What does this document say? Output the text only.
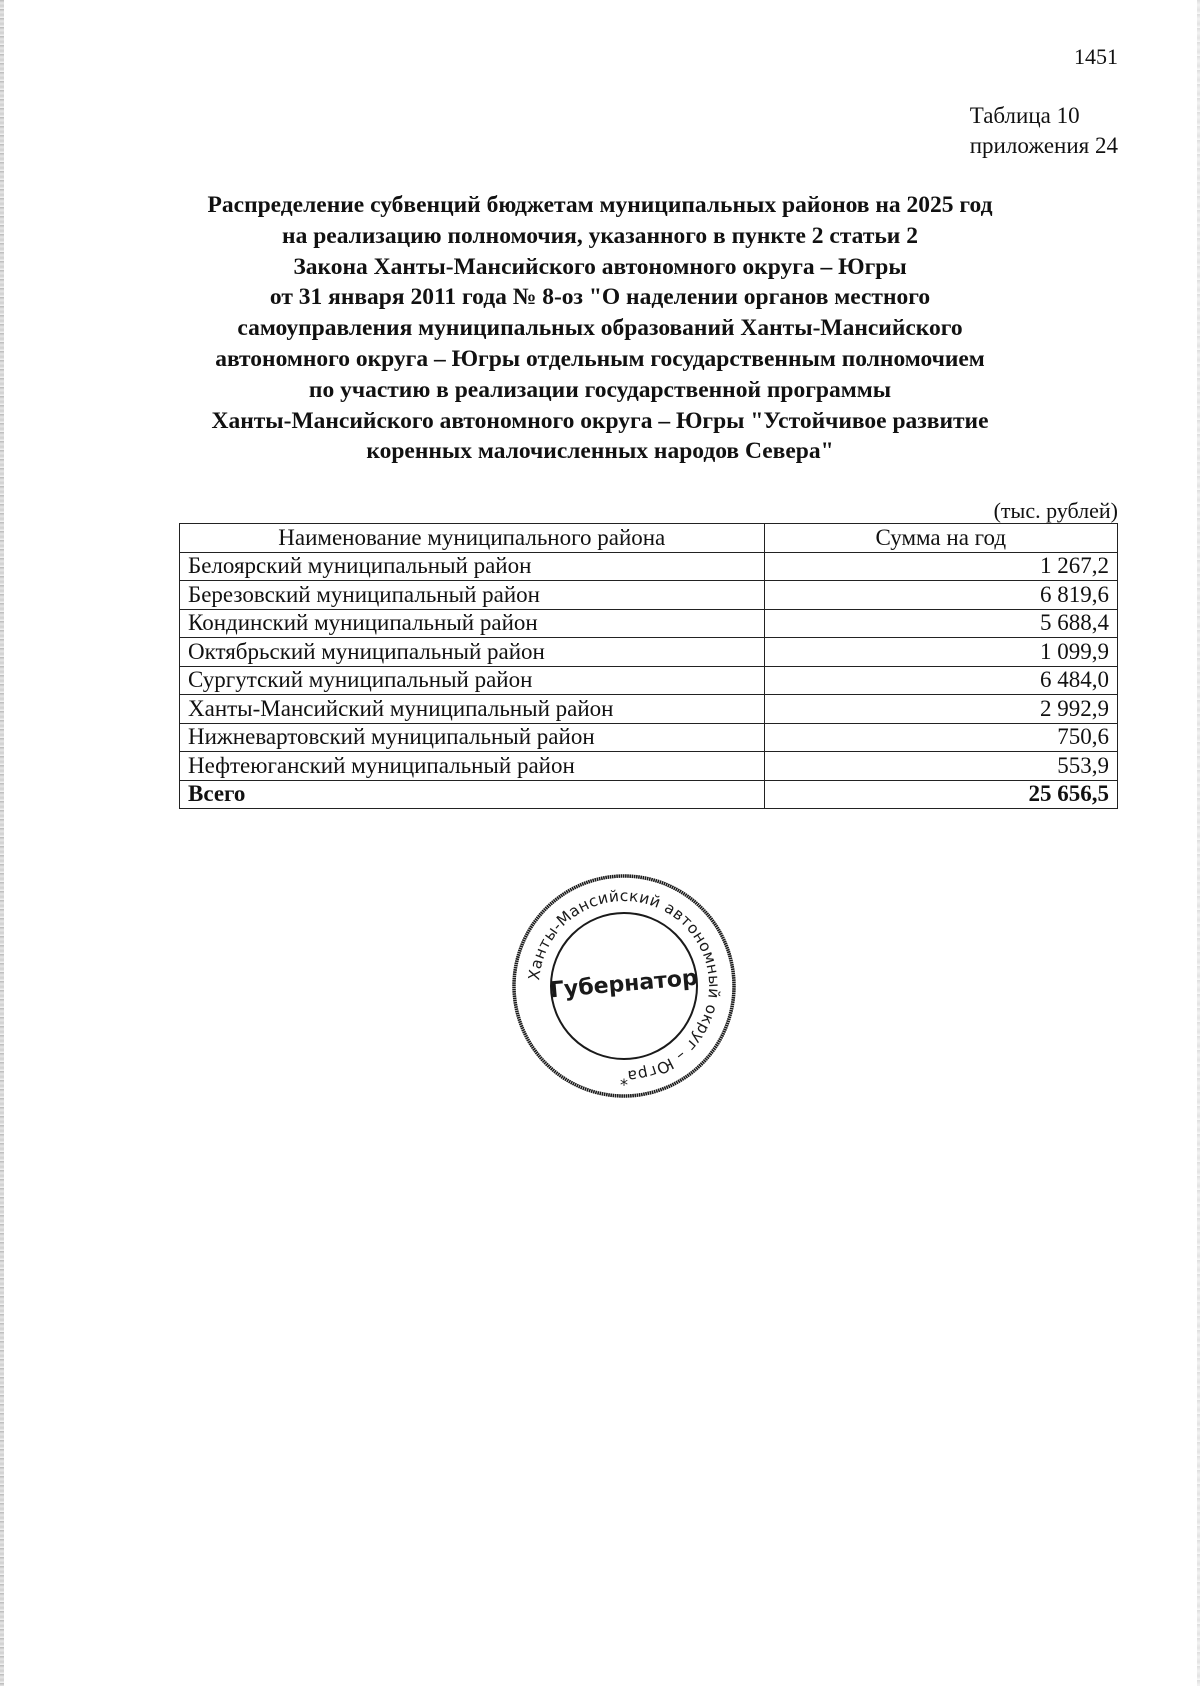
1451
Таблица 10
приложения 24
Распределение субвенций бюджетам муниципальных районов на 2025 год
на реализацию полномочия, указанного в пункте 2 статьи 2
Закона Ханты-Мансийского автономного округа – Югры
от 31 января 2011 года № 8-оз "О наделении органов местного
самоуправления муниципальных образований Ханты-Мансийского
автономного округа – Югры отдельным государственным полномочием
по участию в реализации государственной программы
Ханты-Мансийского автономного округа – Югры "Устойчивое развитие
коренных малочисленных народов Севера"
(тыс. рублей)
Наименование муниципального района	Сумма на год
Белоярский муниципальный район	1 267,2
Березовский муниципальный район	6 819,6
Кондинский муниципальный район	5 688,4
Октябрьский муниципальный район	1 099,9
Сургутский муниципальный район	6 484,0
Ханты-Мансийский муниципальный район	2 992,9
Нижневартовский муниципальный район	750,6
Нефтеюганский муниципальный район	553,9
Всего	25 656,5
Ханты-Мансийский автономный округ – Югра
Губернатор
*
